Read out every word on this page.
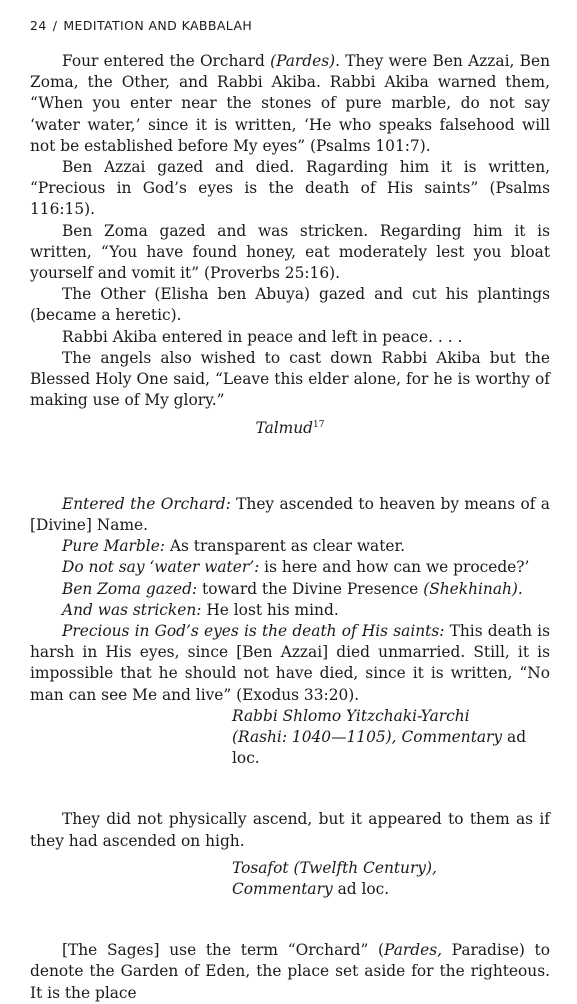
24 / MEDITATION AND KABBALAH

Four entered the Orchard (Pardes). They were Ben Azzai, Ben Zoma, the Other, and Rabbi Akiba. Rabbi Akiba warned them, “When you enter near the stones of pure marble, do not say ‘water water,’ since it is written, ‘He who speaks falsehood will not be established before My eyes” (Psalms 101:7).

Ben Azzai gazed and died. Ragarding him it is written, “Precious in God’s eyes is the death of His saints” (Psalms 116:15).

Ben Zoma gazed and was stricken. Regarding him it is written, “You have found honey, eat moderately lest you bloat yourself and vomit it” (Proverbs 25:16).

The Other (Elisha ben Abuya) gazed and cut his plantings (became a heretic).

Rabbi Akiba entered in peace and left in peace. . . .

The angels also wished to cast down Rabbi Akiba but the Blessed Holy One said, “Leave this elder alone, for he is worthy of making use of My glory.”

Talmud$^{17}$

Entered the Orchard: They ascended to heaven by means of a [Divine] Name.

Pure Marble: As transparent as clear water.

Do not say ‘water water’: is here and how can we procede?’

Ben Zoma gazed: toward the Divine Presence (Shekhinah).

And was stricken: He lost his mind.

Precious in God’s eyes is the death of His saints: This death is harsh in His eyes, since [Ben Azzai] died unmarried. Still, it is impossible that he should not have died, since it is written, “No man can see Me and live” (Exodus 33:20).

Rabbi Shlomo Yitzchaki-Yarchi
(Rashi: 1040—1105), Commentary ad loc.

They did not physically ascend, but it appeared to them as if they had ascended on high.

Tosafot (Twelfth Century),
Commentary ad loc.

[The Sages] use the term “Orchard” (Pardes, Paradise) to denote the Garden of Eden, the place set aside for the righteous. It is the place
